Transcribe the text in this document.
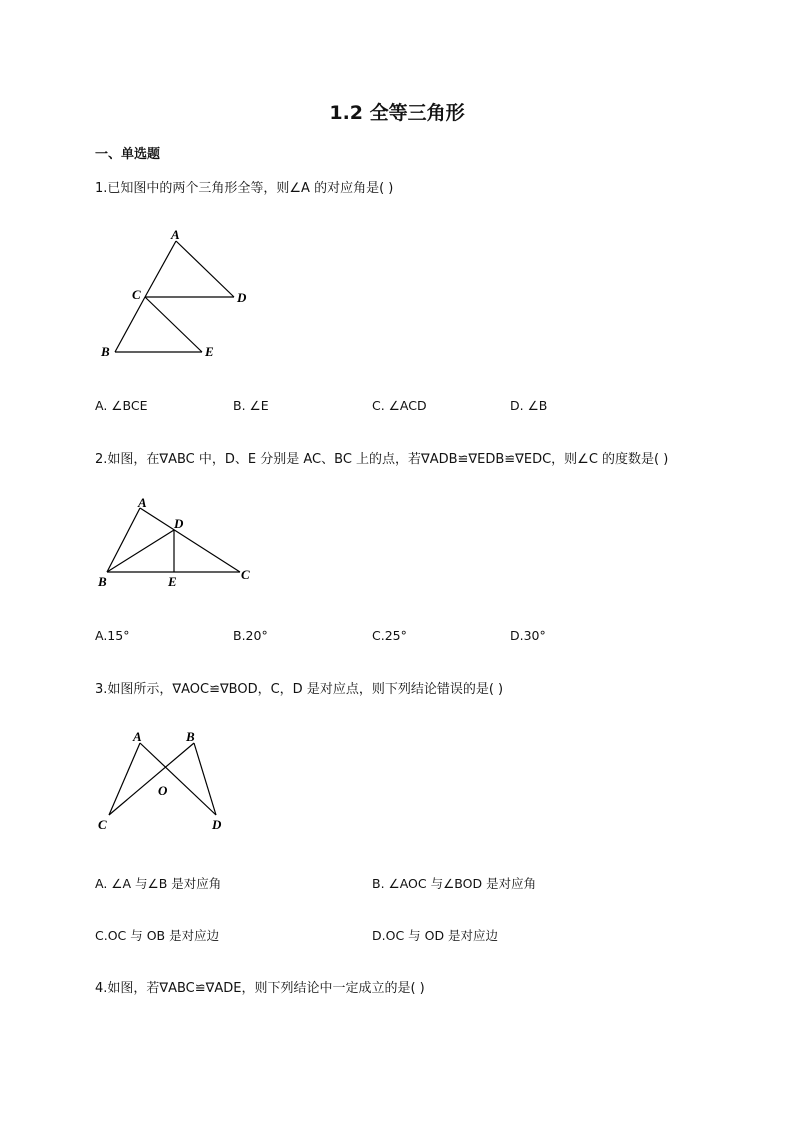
1.2 全等三角形
一、单选题
1.已知图中的两个三角形全等，则∠A 的对应角是( )
A
C	D
B	E
A. ∠BCE	B. ∠E	C. ∠ACD	D. ∠B
2.如图，在∇ABC 中，D、E 分别是 AC、BC 上的点，若∇ADB≌∇EDB≌∇EDC，则∠C 的度数是( )
A
D
B	E	C
A.15°	B.20°	C.25°	D.30°
3.如图所示，∇AOC≌∇BOD，C，D 是对应点，则下列结论错误的是( )
A	B
O
C	D
A. ∠A 与∠B 是对应角	B. ∠AOC 与∠BOD 是对应角
C.OC 与 OB 是对应边	D.OC 与 OD 是对应边
4.如图，若∇ABC≌∇ADE，则下列结论中一定成立的是( )
